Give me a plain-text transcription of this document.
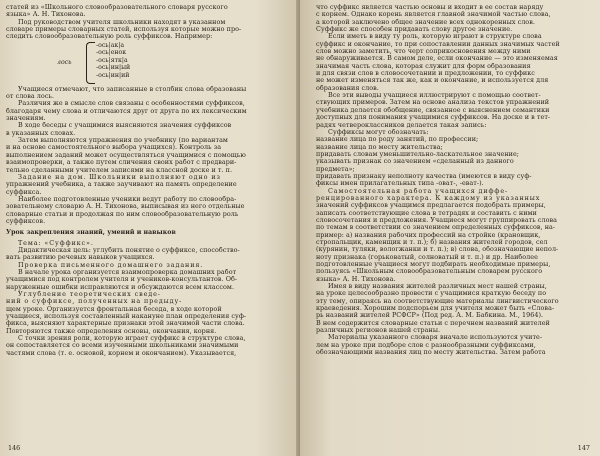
статей из «Школьного словообразовательного словаря русского
языка» А. Н. Тихонова.
Под руководством учителя школьники находят в указанном
словаре примеры словарных статей, используя которые можно про-
следить словообразовательную роль суффиксов. Например:
лось
-ось|ак|а
-ось|енок
-ось|ятк|а
-ось|ин|ый
-ось|ин|ий
Учащиеся отмечают, что записанные в столбик слова образованы
от слова лось.
Различия же в смысле слов связаны с особенностями суффиксов,
благодаря чему слова и отличаются друг от друга по их лексическим
значениям.
В ходе беседы с учащимися выясняются значения суффиксов
в указанных словах.
Затем выполняются упражнения по учебнику (по вариантам
и на основе самостоятельного выбора учащихся). Контроль за
выполнением заданий может осуществляться учащимися с помощью
взаимопроверки, а также путем сличения своих работ с предвари-
тельно сделанными учителем записями на классной доске и т. п.
Задание на дом. Школьники выполняют одно из
упражнений учебника, а также заучивают на память определение
суффикса.
Наиболее подготовленные ученики ведут работу по словообра-
зовательному словарю А. Н. Тихонова, выписывая из него отдельные
словарные статьи и продолжая по ним словообразовательную роль
суффиксов.
Урок закрепления знаний, умений и навыков
Тема: «Суффикс».
Дидактическая цель: углубить понятие о суффиксе, способство-
вать развитию речевых навыков учащихся.
Проверка письменного домашнего задания.
В начале урока организуется взаимопроверка домашних работ
учащимися под контролем учителя и учеников-консультантов. Об-
наруженные ошибки исправляются и обсуждаются всем классом.
Углубление теоретических сведе-
ний о суффиксе, полученных на предыду-
щем уроке. Организуется фронтальная беседа, в ходе которой
учащиеся, используя составленный накануне план определения суф-
фикса, выясняют характерные признаки этой значимой части слова.
Повторяются также определения основы, окончания, корня.
С точки зрения роли, которую играет суффикс в структуре слова,
он сопоставляется со всеми изученными школьниками значимыми
частями слова (т. е. основой, корнем и окончанием). Указывается,
146
что суффикс является частью основы и входит в ее состав наряду
с корнем. Однако корень является главной значимой частью слова,
а которой заключено общее значение всех однокоренных слов.
Суффикс же способен придавать слову другое значение.
Если иметь в виду ту роль, которую играют в структуре слова
суффикс и окончание, то при сопоставлении данных значимых частей
слов можно заметить, что черт соприкосновения между ними
не обнаруживается. В самом деле, если окончание — это изменяемая
значимая часть слова, которая служит для форм образования
и для связи слов в словосочетании и предложении, то суффикс
не может изменяться так же, как и окончание, и используется для
образования слов.
Все эти выводы учащиеся иллюстрируют с помощью соответ-
ствующих примеров. Затем на основе анализа текстов упражнений
учебника делается обобщение, связанное с выяснением семантики
доступных для понимания учащимися суффиксов. На доске и в тет-
радях четвероклассников делается такая запись:
Суффиксы могут обозначать:
название лица по роду занятий, по профессии;
название лица по месту жительства;
придавать словам уменьшительно-ласкательное значение;
указывать признак со значением «сделанный из данного
предмета»;
придавать признаку неполноту качества (имеются в виду суф-
фиксы имен прилагательных типа -оват-, -еват-).
Самостоятельная работа учащихся диффе-
ренцированного характера. К каждому из указанных
значений суффиксов учащимся предлагается подобрать примеры,
записать соответствующие слова в тетрадях и составить с ними
словосочетания и предложения. Учащиеся могут группировать слова
по темам в соответствии со значением определенных суффиксов, на-
пример: а) названия рабочих профессий на стройке (крановщик,
стропальщик, каменщик и т. п.); б) названия жителей городов, сел
(курянин, туляки, вологжанки и т. п.); в) слова, обозначающие непол-
ноту признака (горьковатый, солноватый и т. п.) и др. Наиболее
подготовленные учащиеся могут подбирать необходимые примеры,
пользуясь «Школьным словообразовательным словарем русского
языка» А. Н. Тихонова.
Имея в виду названия жителей различных мест нашей страны,
на уроке целесообразно провести с учащимися краткую беседу по
эту тему, опираясь на соответствующие материалы лингвистического
краеведения. Хорошим подспорьем для учителя может быть «Слова-
рь названий жителей РСФСР» (Под ред. А. М. Бабкина. М., 1964).
В нем содержится словарные статьи с перечнем названий жителей
различных регионов нашей страны.
Материалы указанного словаря вначале используются учите-
лем на уроке при подборе слов с разнообразными суффиксами,
обозначающими названия лиц по месту жительства. Затем работа
147
